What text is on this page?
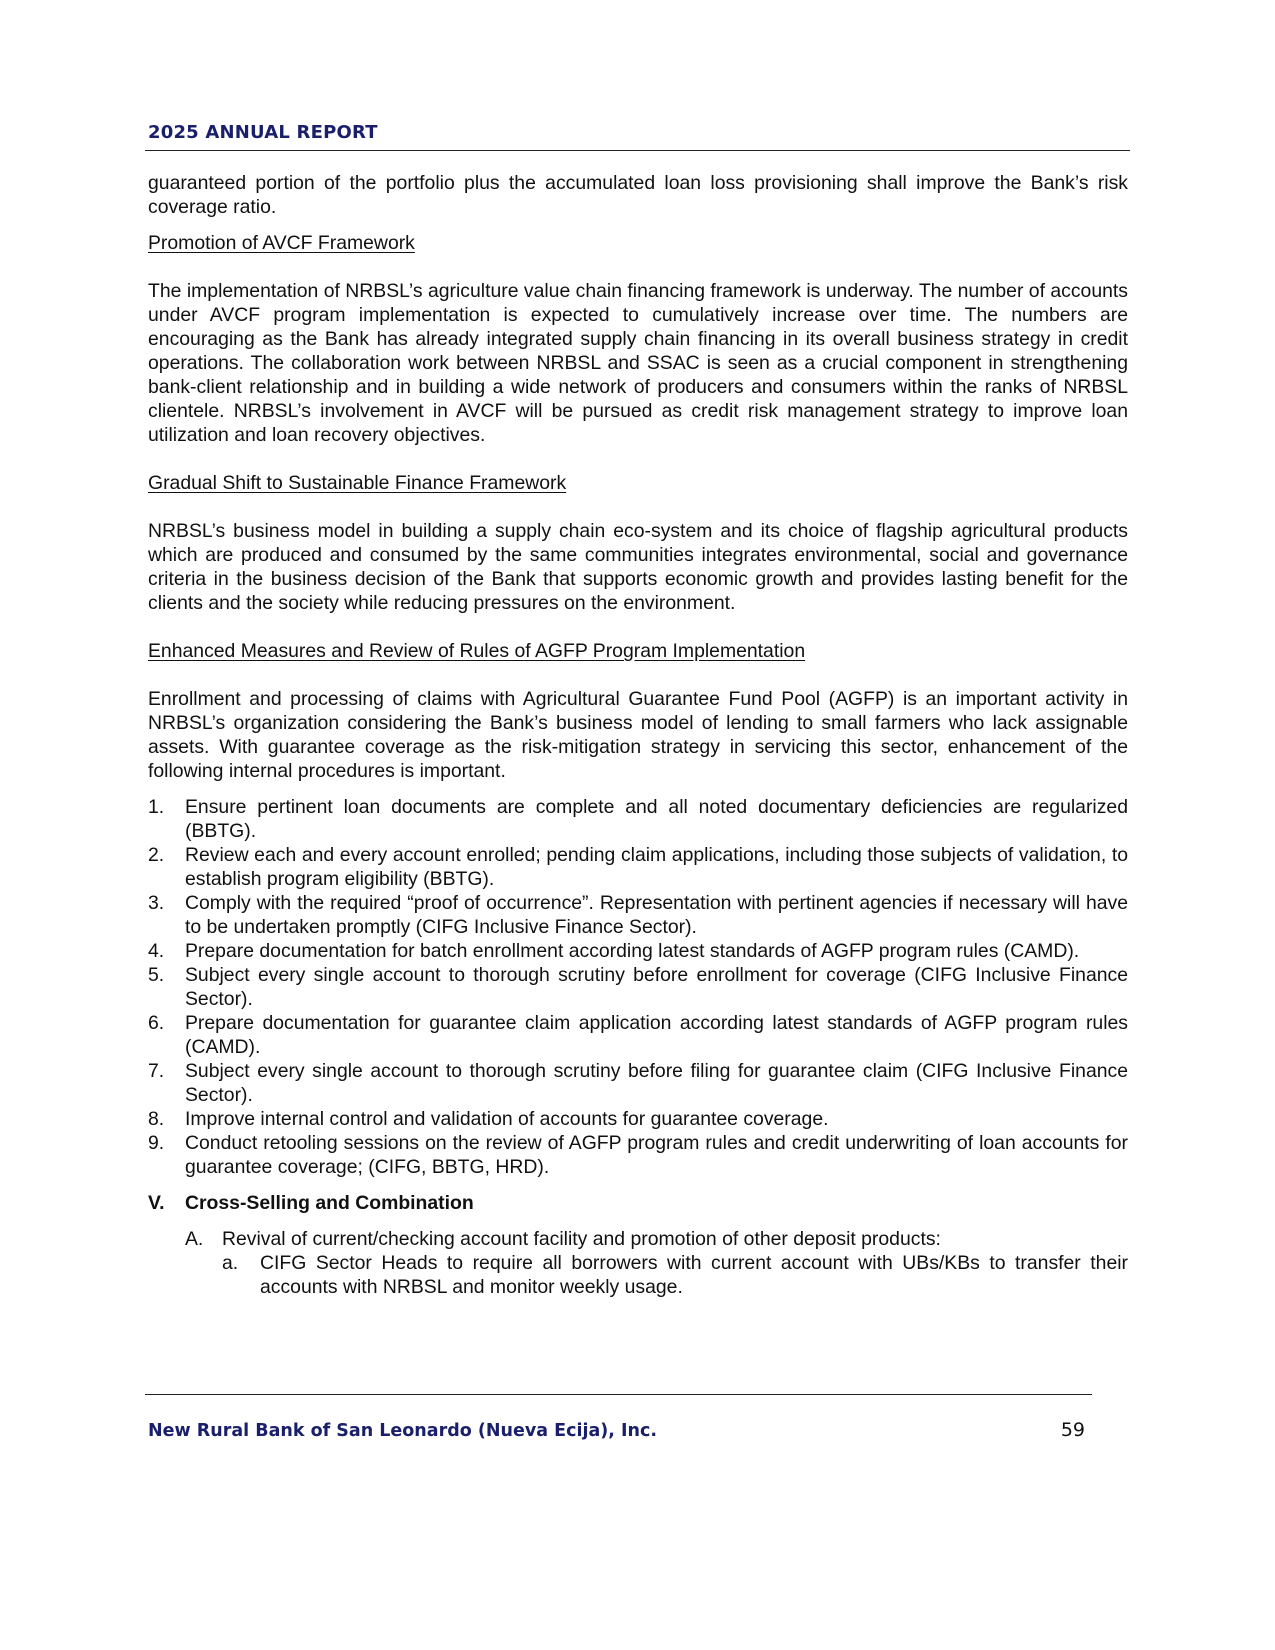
2025 ANNUAL REPORT

guaranteed portion of the portfolio plus the accumulated loan loss provisioning shall improve the Bank’s risk coverage ratio.

Promotion of AVCF Framework

The implementation of NRBSL’s agriculture value chain financing framework is underway. The number of accounts under AVCF program implementation is expected to cumulatively increase over time. The numbers are encouraging as the Bank has already integrated supply chain financing in its overall business strategy in credit operations. The collaboration work between NRBSL and SSAC is seen as a crucial component in strengthening bank-client relationship and in building a wide network of producers and consumers within the ranks of NRBSL clientele. NRBSL’s involvement in AVCF will be pursued as credit risk management strategy to improve loan utilization and loan recovery objectives.

Gradual Shift to Sustainable Finance Framework

NRBSL’s business model in building a supply chain eco-system and its choice of flagship agricultural products which are produced and consumed by the same communities integrates environmental, social and governance criteria in the business decision of the Bank that supports economic growth and provides lasting benefit for the clients and the society while reducing pressures on the environment.

Enhanced Measures and Review of Rules of AGFP Program Implementation

Enrollment and processing of claims with Agricultural Guarantee Fund Pool (AGFP) is an important activity in NRBSL’s organization considering the Bank’s business model of lending to small farmers who lack assignable assets. With guarantee coverage as the risk-mitigation strategy in servicing this sector, enhancement of the following internal procedures is important.

1.	Ensure pertinent loan documents are complete and all noted documentary deficiencies are regularized (BBTG).
2.	Review each and every account enrolled; pending claim applications, including those subjects of validation, to establish program eligibility (BBTG).
3.	Comply with the required “proof of occurrence”. Representation with pertinent agencies if necessary will have to be undertaken promptly (CIFG Inclusive Finance Sector).
4.	Prepare documentation for batch enrollment according latest standards of AGFP program rules (CAMD).
5.	Subject every single account to thorough scrutiny before enrollment for coverage (CIFG Inclusive Finance Sector).
6.	Prepare documentation for guarantee claim application according latest standards of AGFP program rules (CAMD).
7.	Subject every single account to thorough scrutiny before filing for guarantee claim (CIFG Inclusive Finance Sector).
8.	Improve internal control and validation of accounts for guarantee coverage.
9.	Conduct retooling sessions on the review of AGFP program rules and credit underwriting of loan accounts for guarantee coverage; (CIFG, BBTG, HRD).
V.	Cross-Selling and Combination
A. Revival of current/checking account facility and promotion of other deposit products:
a.	CIFG Sector Heads to require all borrowers with current account with UBs/KBs to transfer their accounts with NRBSL and monitor weekly usage.
New Rural Bank of San Leonardo (Nueva Ecija), Inc.	59
